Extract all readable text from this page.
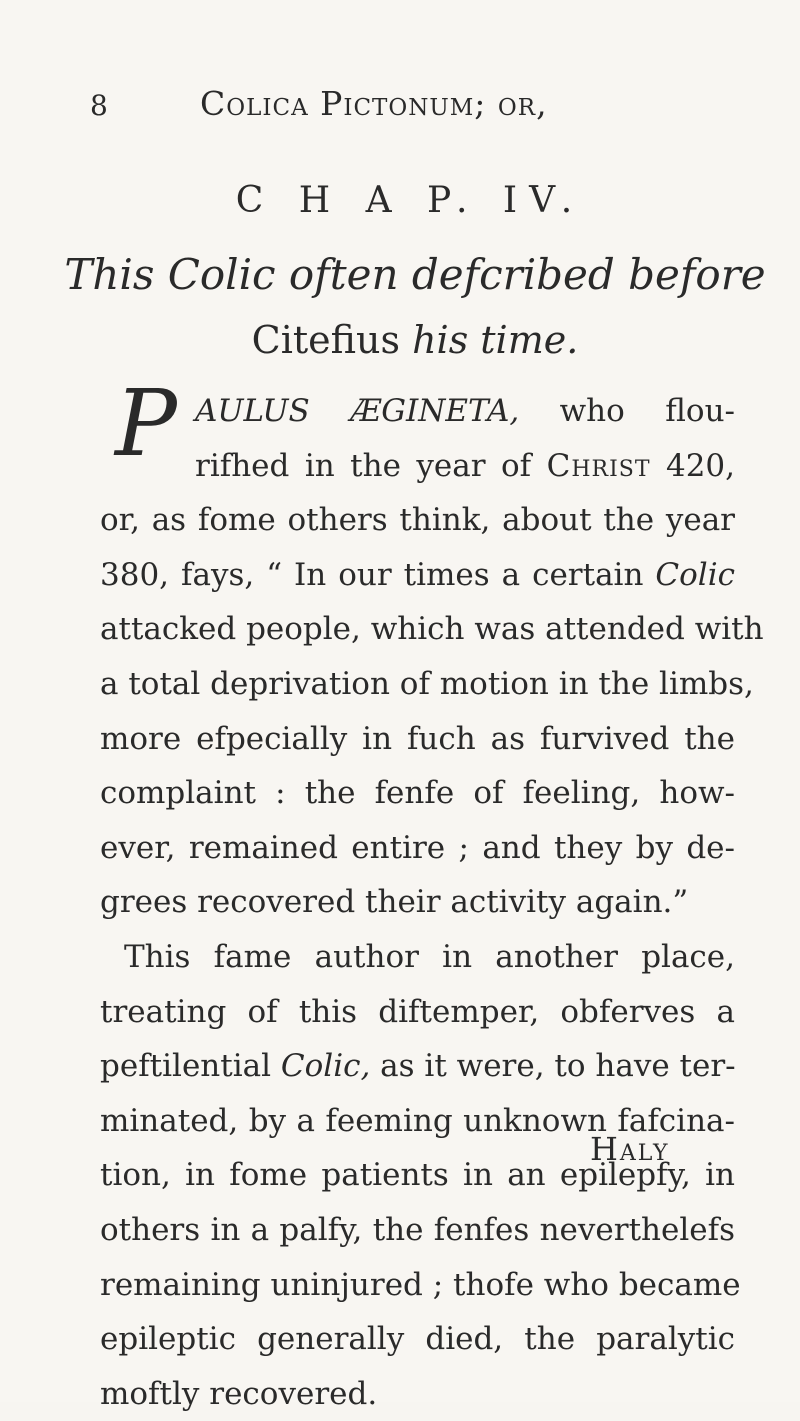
8	Colica Pictonum; or,
C H A P. IV.
This Colic often defcribed before
Citefius his time.
P AULUS ÆGINETA, who flou-
rifhed in the year of Christ 420,
or, as fome others think, about the year
380, fays, “ In our times a certain Colic
attacked people, which was attended with
a total deprivation of motion in the limbs,
more efpecially in fuch as furvived the
complaint : the fenfe of feeling, how-
ever, remained entire ; and they by de-
grees recovered their activity again.”
This fame author in another place,
treating of this diftemper, obferves a
peftilential Colic, as it were, to have ter-
minated, by a feeming unknown fafcina-
tion, in fome patients in an epilepfy, in
others in a palfy, the fenfes neverthelefs
remaining uninjured ; thofe who became
epileptic generally died, the paralytic
moftly recovered.
Haly
